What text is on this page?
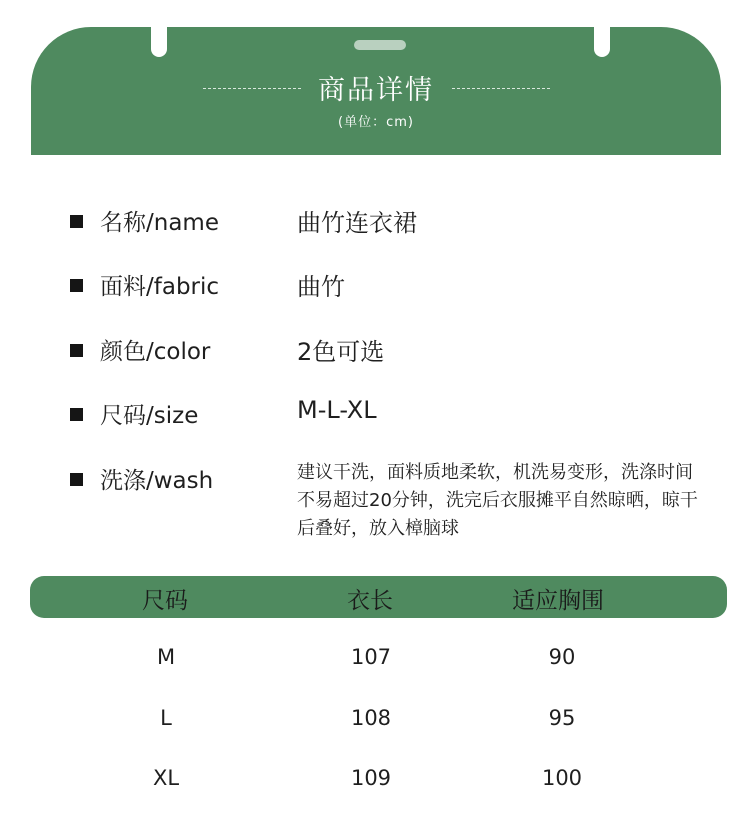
商品详情
(单位：cm)
名称/name	曲竹连衣裙
面料/fabric	曲竹
颜色/color	2色可选
尺码/size	M-L-XL
洗涤/wash	建议干洗，面料质地柔软，机洗易变形，洗涤时间不易超过20分钟，洗完后衣服摊平自然晾晒，晾干后叠好，放入樟脑球
尺码	衣长	适应胸围
M	107	90
L	108	95
XL	109	100
